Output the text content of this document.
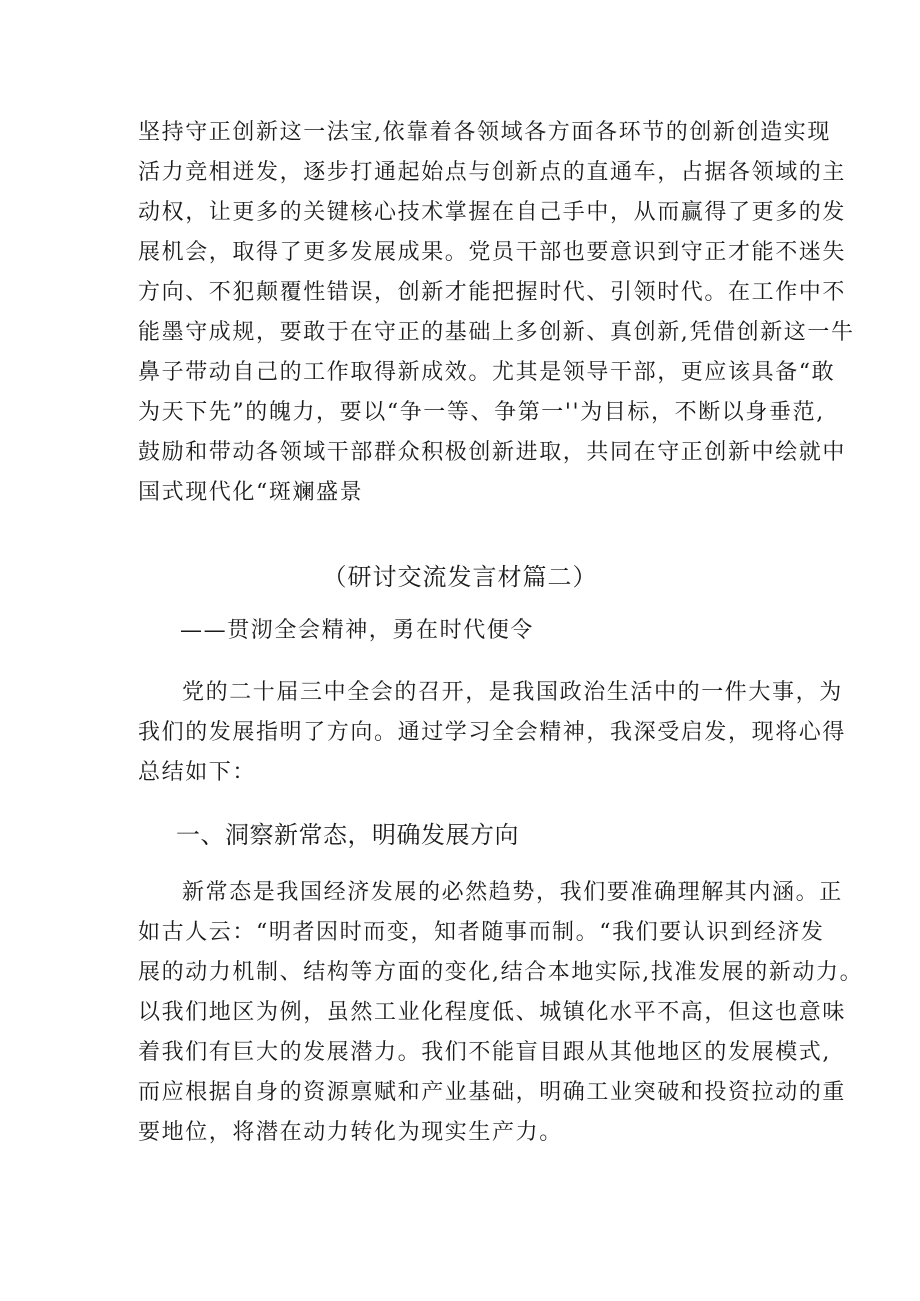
坚持守正创新这一法宝,依靠着各领域各方面各环节的创新创造实现
活力竞相迸发，逐步打通起始点与创新点的直通车，占据各领域的主
动权，让更多的关键核心技术掌握在自己手中，从而赢得了更多的发
展机会，取得了更多发展成果。党员干部也要意识到守正才能不迷失
方向、不犯颠覆性错误，创新才能把握时代、引领时代。在工作中不
能墨守成规，要敢于在守正的基础上多创新、真创新,凭借创新这一牛
鼻子带动自己的工作取得新成效。尤其是领导干部，更应该具备“敢
为天下先”的魄力，要以“争一等、争第一''为目标，不断以身垂范,
鼓励和带动各领域干部群众积极创新进取，共同在守正创新中绘就中
国式现代化“斑斓盛景
（研讨交流发言材篇二）
——贯沏全会精神，勇在时代便令
党的二十届三中全会的召开，是我国政治生活中的一件大事，为
我们的发展指明了方向。通过学习全会精神，我深受启发，现将心得
总结如下：
一、洞察新常态，明确发展方向
新常态是我国经济发展的必然趋势，我们要准确理解其内涵。正
如古人云：“明者因时而变，知者随事而制。“我们要认识到经济发
展的动力机制、结构等方面的变化,结合本地实际,找准发展的新动力。
以我们地区为例，虽然工业化程度低、城镇化水平不高，但这也意味
着我们有巨大的发展潜力。我们不能盲目跟从其他地区的发展模式,
而应根据自身的资源禀赋和产业基础，明确工业突破和投资拉动的重
要地位，将潜在动力转化为现实生产力。
